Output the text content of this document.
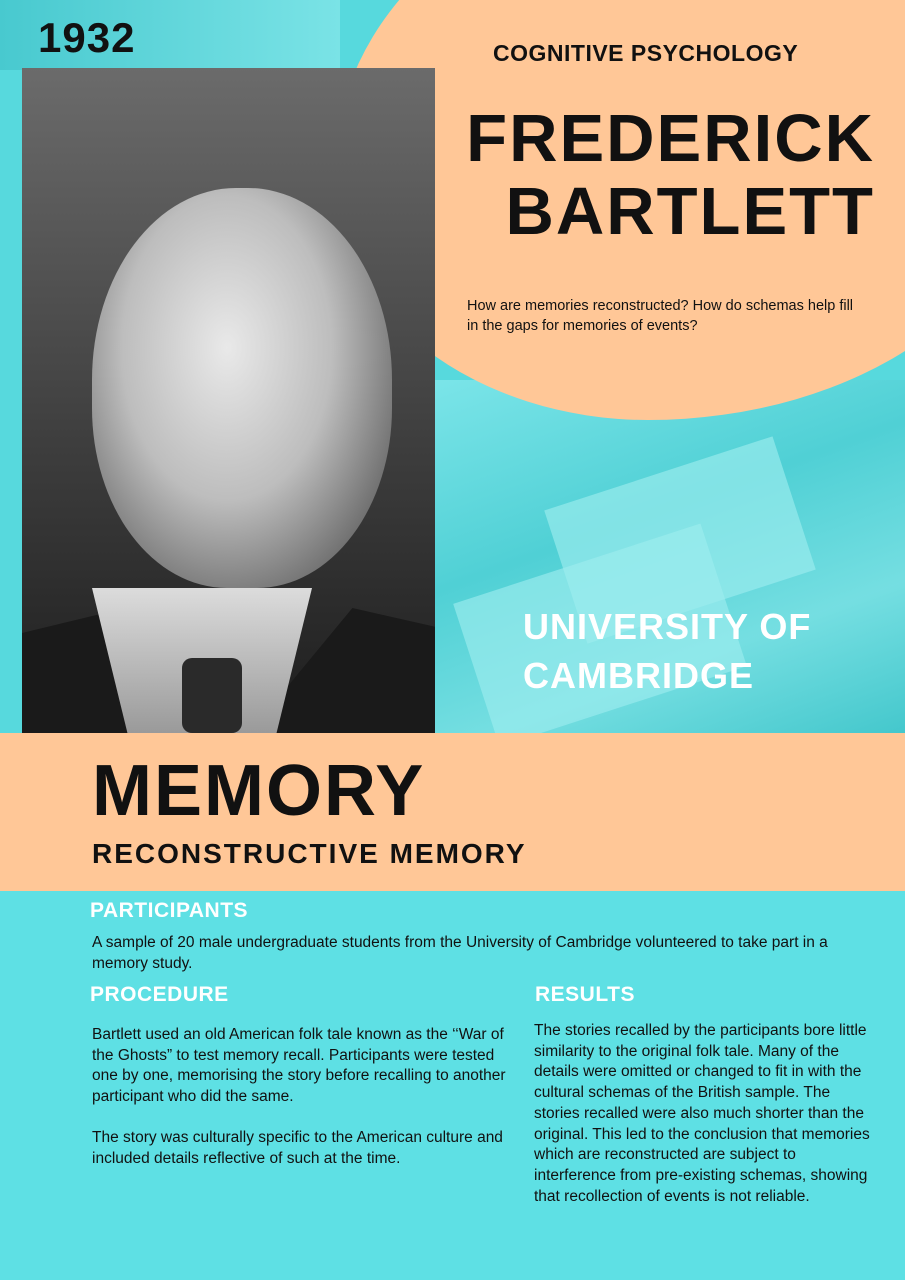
1932	COGNITIVE PSYCHOLOGY
FREDERICK
BARTLETT
How are memories reconstructed? How do schemas help fill in the gaps for memories of events?
UNIVERSITY OF
CAMBRIDGE
MEMORY
RECONSTRUCTIVE MEMORY
PARTICIPANTS
A sample of 20 male undergraduate students from the University of Cambridge volunteered to take part in a memory study.
PROCEDURE

Bartlett used an old American folk tale known as the ‘‘War of the Ghosts” to test memory recall. Participants were tested one by one, memorising the story before recalling to another participant who did the same.

The story was culturally specific to the American culture and included details reflective of such at the time.

RESULTS
The stories recalled by the participants bore little similarity to the original folk tale. Many of the details were omitted or changed to fit in with the cultural schemas of the British sample. The stories recalled were also much shorter than the original. This led to the conclusion that memories which are reconstructed are subject to interference from pre-existing schemas, showing that recollection of events is not reliable.
